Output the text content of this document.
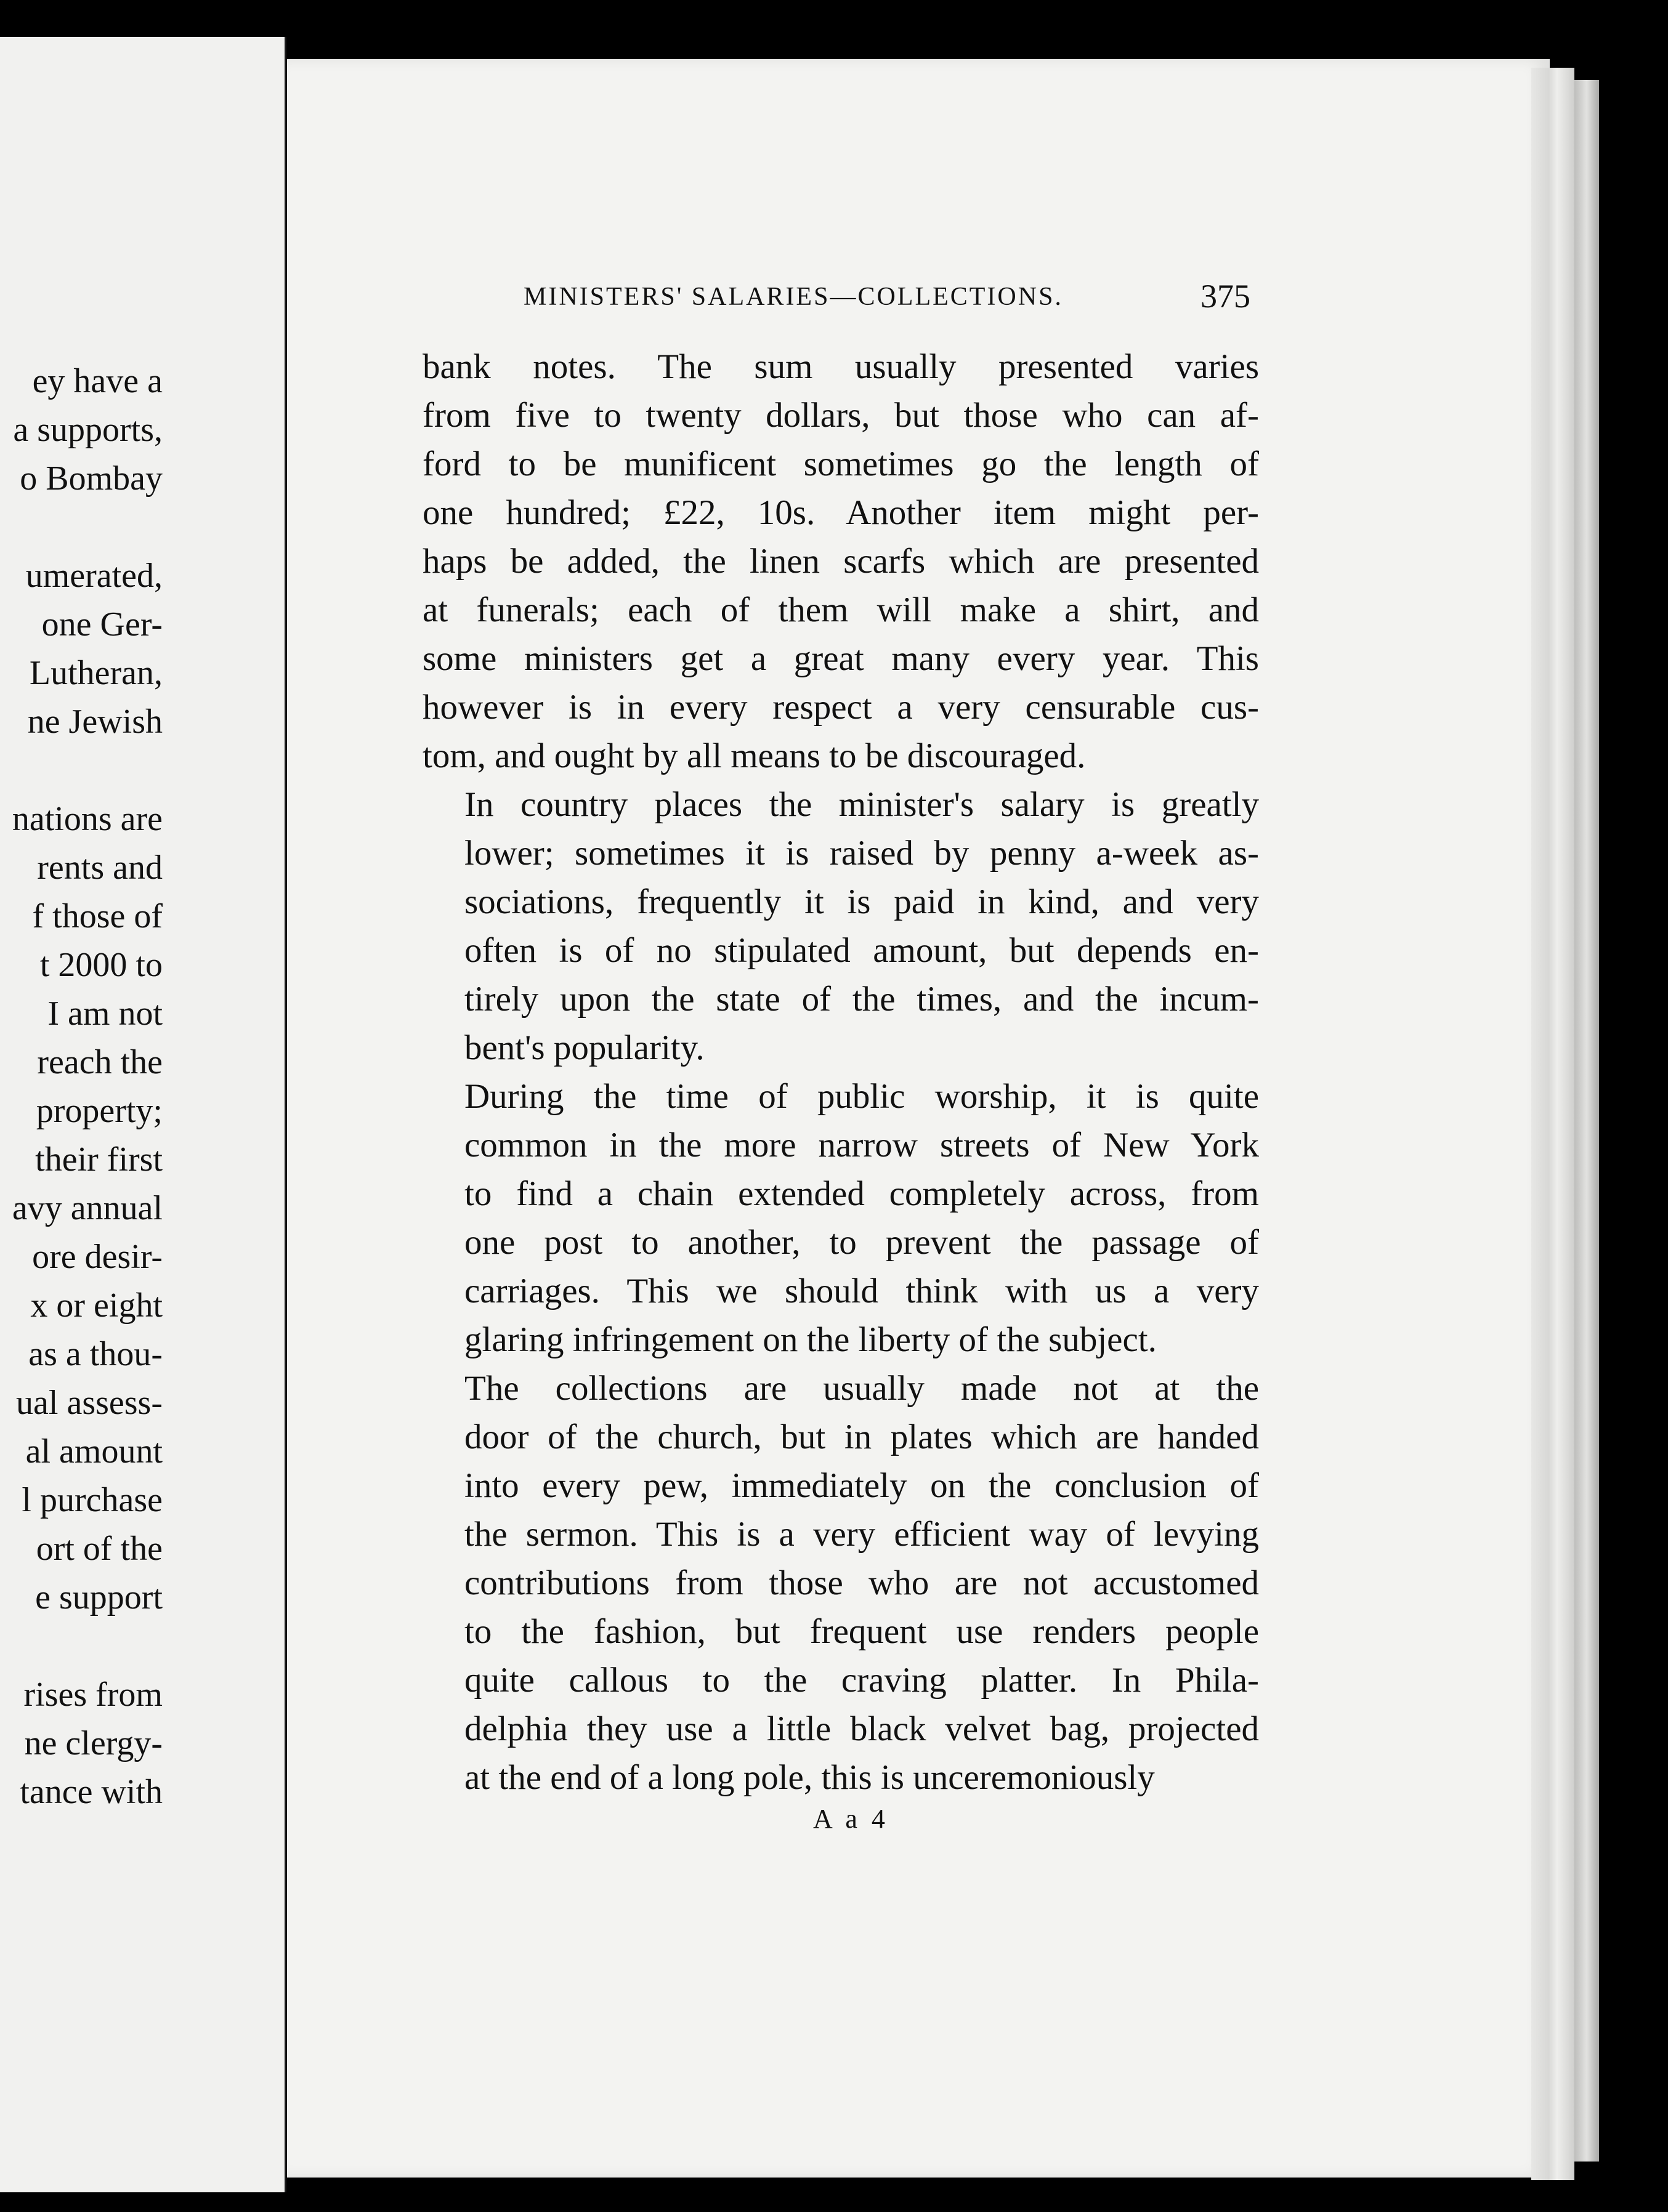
ey have a
a supports,
o Bombay
umerated,
one Ger-
Lutheran,
ne Jewish
nations are
rents and
f those of
t 2000 to
I am not
reach the
property;
their first
avy annual
ore desir-
x or eight
as a thou-
ual assess-
al amount
l purchase
ort of the
e support
rises from
ne clergy-
tance with
MINISTERS' SALARIES—COLLECTIONS.	375

bank notes. The sum usually presented varies
from five to twenty dollars, but those who can af-
ford to be munificent sometimes go the length of
one hundred; £22, 10s. Another item might per-
haps be added, the linen scarfs which are presented
at funerals; each of them will make a shirt, and
some ministers get a great many every year. This
however is in every respect a very censurable cus-
tom, and ought by all means to be discouraged.

In country places the minister's salary is greatly
lower; sometimes it is raised by penny a-week as-
sociations, frequently it is paid in kind, and very
often is of no stipulated amount, but depends en-
tirely upon the state of the times, and the incum-
bent's popularity.

During the time of public worship, it is quite
common in the more narrow streets of New York
to find a chain extended completely across, from
one post to another, to prevent the passage of
carriages. This we should think with us a very
glaring infringement on the liberty of the subject.

The collections are usually made not at the
door of the church, but in plates which are handed
into every pew, immediately on the conclusion of
the sermon. This is a very efficient way of levying
contributions from those who are not accustomed
to the fashion, but frequent use renders people
quite callous to the craving platter. In Phila-
delphia they use a little black velvet bag, projected
at the end of a long pole, this is unceremoniously

A a 4
